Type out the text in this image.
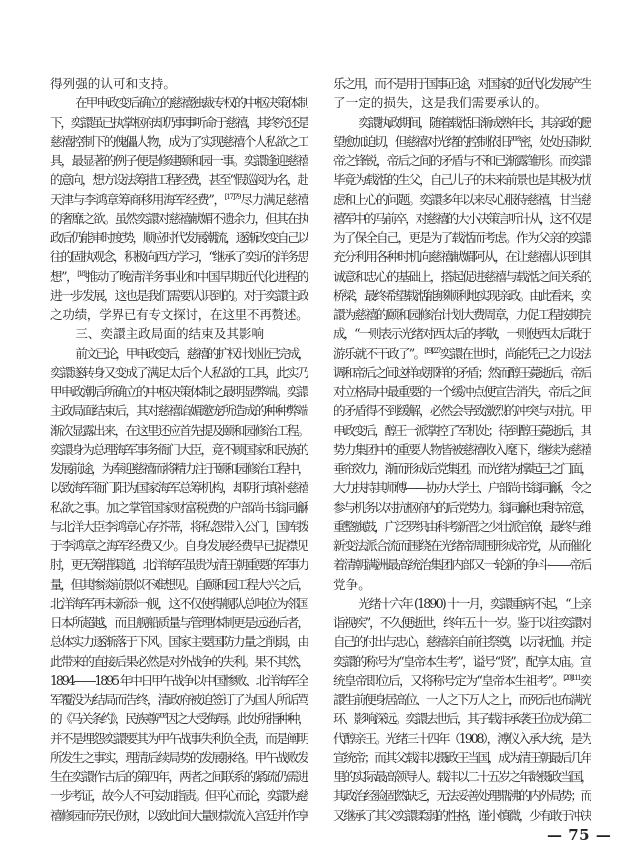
得列强的认可和支持。
在甲申政变后确立的慈禧独裁专权的中枢决策体制
下，奕譞虽已执掌枢府却仍事事听命于慈禧，其终究还是
慈禧控制下的傀儡人物，成为了实现慈禧个人私欲之工
具，最显著的例子便是修建颐和园一事。奕譞逢迎慈禧
的意向，想方设法筹措工程经费，甚至“假巡阅为名，赴
天津与李鸿章筹商移用海军经费”，$^{[17]79}$尽力满足慈禧
的奢靡之欲。虽然奕譞对慈禧献媚不遗余力，但其在执
政后仍能审时度势，顺应时代发展潮流，逐渐改变自己以
往的固执观念，积极向西方学习，“继承了奕䜣的洋务思
想”，[18]推动了晚清洋务事业和中国早期近代化进程的
进一步发展，这也是我们需要认识到的。对于奕譞主政
之功绩，学界已有专文探讨，在这里不再赘述。
三、奕譞主政局面的结束及其影响
前文已论，甲申政变后，慈禧的扩权计划业已完成，
奕譞遂转身又变成了满足太后个人私欲的工具，此实乃
甲申政潮后所确立的中枢决策体制之最明显弊端。奕譞
主政局面结束后，其对慈禧谄媚邀宠所造成的种种弊端
渐次显露出来，在这里还应首先提及颐和园修治工程。
奕譞身为总理海军事务衙门大臣，竟不顾国家和民族的
发展前途，为奉迎慈禧而将精力注于颐和园修治工程中，
以致海军衙门阳为国家海军总筹机构，却阴行填补慈禧
私欲之事。加之掌管国家财富税费的户部尚书翁同龢
与北洋大臣李鸿章心存芥蒂，将私怨带入公门，国库拨
于李鸿章之海军经费又少。自身发展经费早已捉襟见
肘，更无筹措渠道，北洋海军虽贵为清王朝重要的军事力
量，但其惨淡前景似不难想见。自颐和园工程大兴之后，
北洋海军再未新添一舰，这不仅使得舰队总吨位为邻国
日本所超越，而且舰船质量与管理体制更是远逊后者，
总体实力逐渐落于下风。国家主要国防力量之削弱，由
此带来的直接后果必然是对外战争的失利。果不其然，
1894——1895 年中日甲午战争以中国惨败、北洋海军全
军覆没为结局而告终，清政府被迫签订了为国人所诟骂
的《马关条约》，民族尊严因之大受侮辱。此处所指种种，
并不是埋怨奕譞要其为甲午战事失利负全责，而是阐明
所发生之事实，理清后续局势的发展脉络。甲午战败发
生在奕譞作古后的第四年，两者之间联系的紧疏仍需进
一步考证，故今人不可妄加指责。但平心而论，奕譞为慈
禧修园而劳民伤财，以致此间大量财款流入宫廷并作享
乐之用，而不是用于国事正途，对国家的近代化发展产生
了一定的损失，这是我们需要承认的。
奕譞执政期间，随着载湉日渐成熟年长，其亲政的愿
望愈加迫切，但慈禧对光绪的控制依旧严密，处处压制幼
帝之锋锐，帝后之间的矛盾与不和已渐露雏形。而奕譞
毕竟为载湉的生父，自己儿子的未来前景也是其极为忧
虑和上心的问题。奕譞多年以来尽心服侍慈禧，甘当慈
禧军中的马前卒，对慈禧的大小决策言听计从，这不仅是
为了保全自己，更是为了载湉而考虑。作为父亲的奕譞
充分利用各种时机向慈禧献媚阿从，在让慈禧认识到其
诚意和忠心的基础上，搭起促进慈禧与载湉之间关系的
桥梁，最终希望载湉能够顺利地实现亲政。由此看来，奕
譞为慈禧的颐和园修治计划大费周章，力促工程按期完
成，“一则表示光绪对西太后的孝敬，一则使西太后耽于
游乐就不干政了”。$^{[19]227}$奕譞在世时，尚能凭己之力设法
调和帝后之间这样或那样的矛盾；然而醇王薨逝后，帝后
对立格局中最重要的一个缓冲点便宣告消失，帝后之间
的矛盾得不到缓解，必然会导致激烈的冲突与对抗。甲
申政变后，醇王一派掌控了军机处；待到醇王薨逝后，其
势力集团中的重要人物皆被慈禧收入麾下，继续为慈禧
垂帘效力，渐而形成后党集团。而光绪为撑起己之门面，
大力扶持其师傅——协办大学士、户部尚书翁同龢，令之
参与机务以对抗枢府内的后党势力。翁同龢也秉持帝意，
重整旗鼓，广泛罗织由科考新晋之少壮派官僚，最终与维
新变法派合流而围绕在光绪帝周围形成帝党，从而催化
着清朝满洲最高统治集团内部又一轮新的争斗——帝后
党争。
光绪十六年 (1890) 十一月，奕譞重病不起，“上亲
诣视疾”，不久便逝世，终年五十一岁。鉴于以往奕譞对
自己的付出与忠心，慈禧亲自前往祭奠，以示抚恤。并定
奕譞的称号为“皇帝本生考”，谥号“贤”，配享太庙。宣
统皇帝即位后，又将称号定为“皇帝本生祖考”。$^{[20]111}$奕
譞生前便身居高位、一人之下万人之上，而死后也布满光
环、影响深远。奕譞去世后，其子载沣承袭王位成为第二
代醇亲王。光绪三十四年（1908），溥仪入承大统，是为
宣统帝；而其父载沣以摄政王当国，成为清王朝最后几年
里的实际最高领导人。载沣以二十五岁之年龄摄政当国，
其政治经验固然缺乏，无法妥善处理鼎沸的内外局势；而
又继承了其父奕譞柔弱的性格，谨小慎微，少有敢于冲决
— 75 —
